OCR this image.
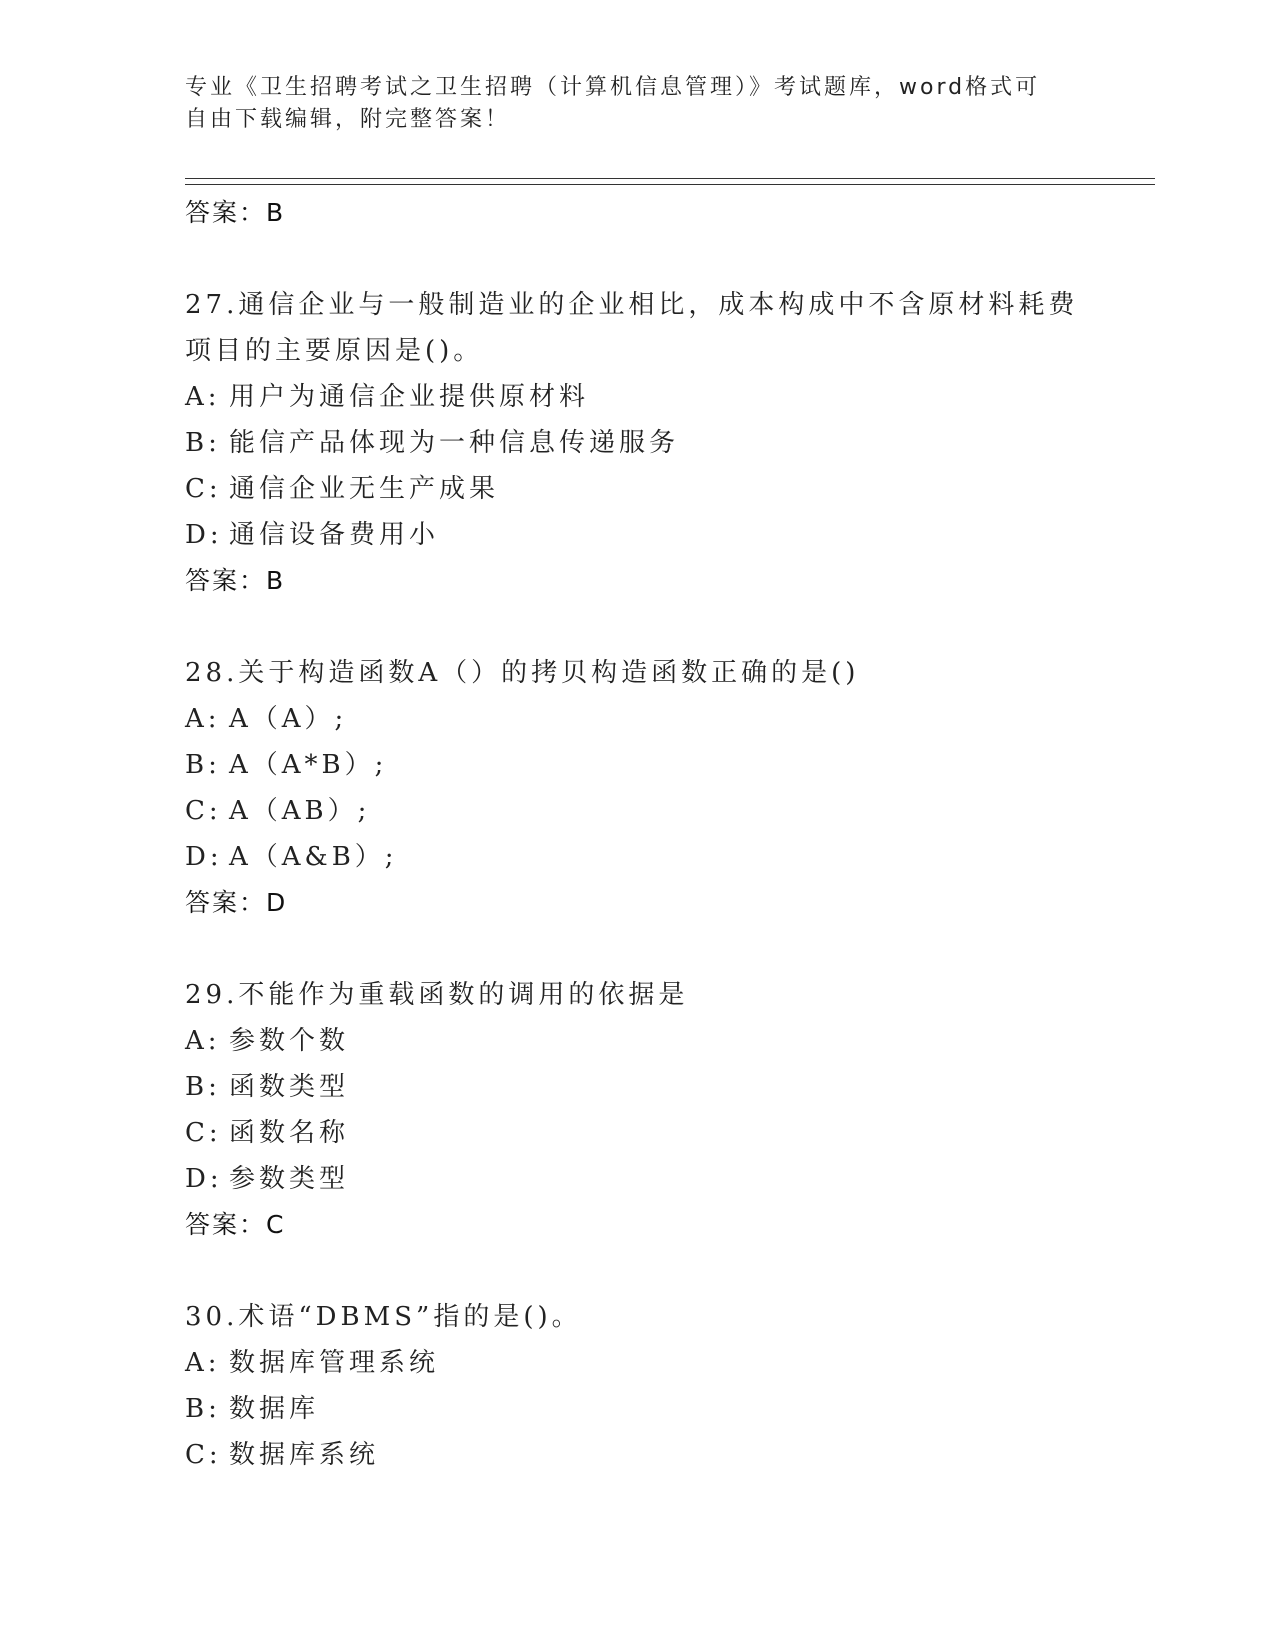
专业《卫生招聘考试之卫生招聘（计算机信息管理）》考试题库，word格式可自由下载编辑，附完整答案！
答案：B
27.通信企业与一般制造业的企业相比，成本构成中不含原材料耗费项目的主要原因是()。
A: 用户为通信企业提供原材料
B: 能信产品体现为一种信息传递服务
C: 通信企业无生产成果
D: 通信设备费用小
答案：B
28.关于构造函数A（）的拷贝构造函数正确的是()
A: A（A）;
B: A（A*B）;
C: A（AB）;
D: A（A&B）;
答案：D
29.不能作为重载函数的调用的依据是
A: 参数个数
B: 函数类型
C: 函数名称
D: 参数类型
答案：C
30.术语“DBMS”指的是()。
A: 数据库管理系统
B: 数据库
C: 数据库系统
